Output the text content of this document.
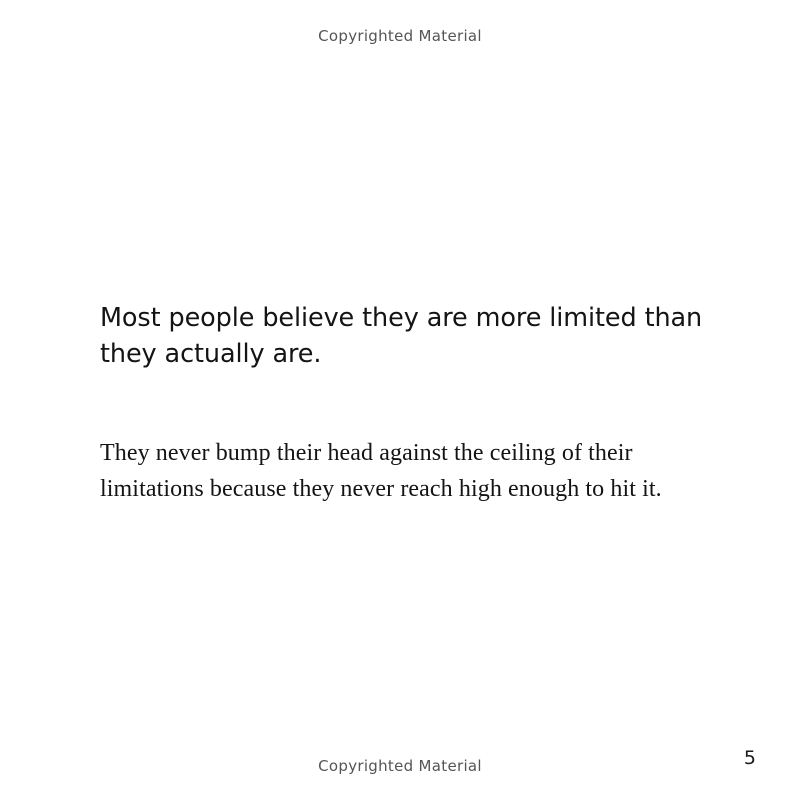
Copyrighted Material

Most people believe they are more limited than they actually are.

They never bump their head against the ceiling of their limitations because they never reach high enough to hit it.

Copyrighted Material	5
